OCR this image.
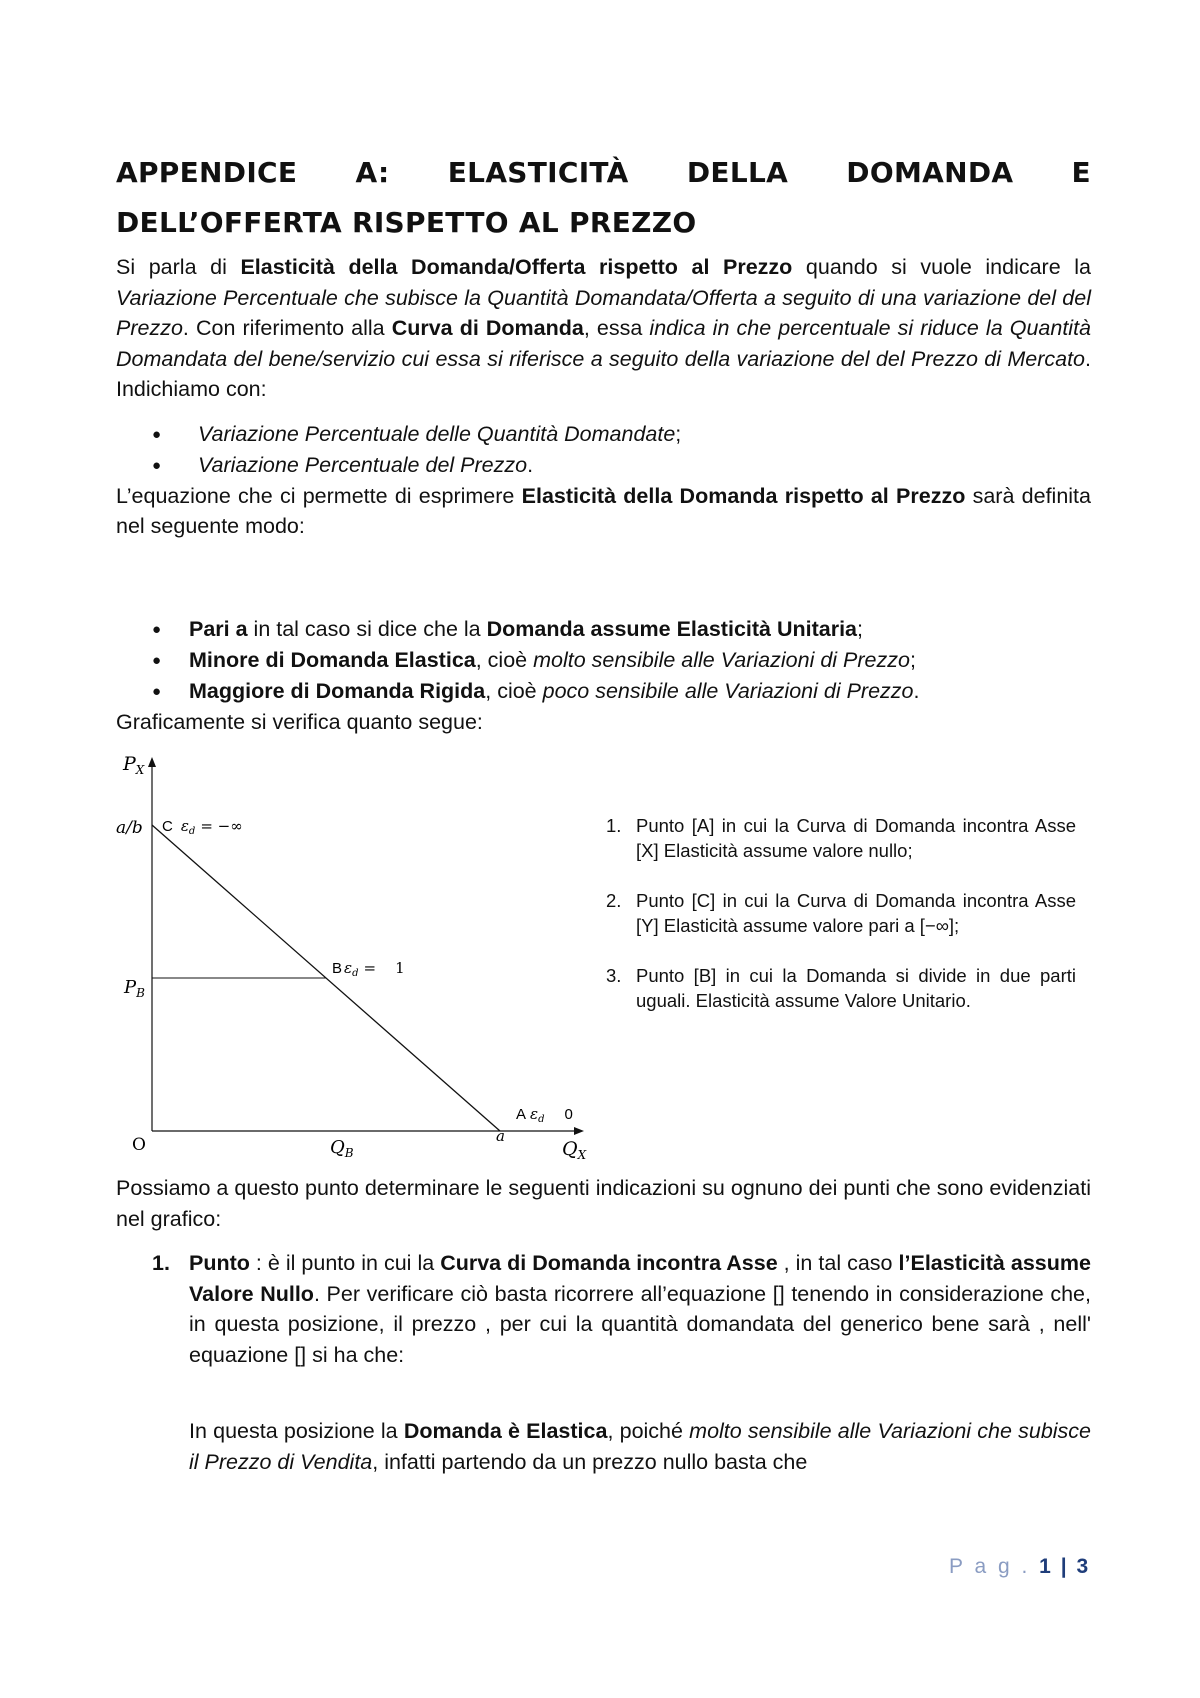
APPENDICE A: ELASTICITÀ DELLA DOMANDA E
DELL’OFFERTA RISPETTO AL PREZZO

Si parla di Elasticità della Domanda/Offerta rispetto al Prezzo quando si vuole indicare la Variazione Percentuale che subisce la Quantità Domandata/Offerta a seguito di una variazione del del Prezzo. Con riferimento alla Curva di Domanda, essa indica in che percentuale si riduce la Quantità Domandata del bene/servizio cui essa si riferisce a seguito della variazione del del Prezzo di Mercato. Indichiamo con:

● Variazione Percentuale delle Quantità Domandate;
● Variazione Percentuale del Prezzo.

L’equazione che ci permette di esprimere Elasticità della Domanda rispetto al Prezzo sarà definita nel seguente modo:

● Pari a in tal caso si dice che la Domanda assume Elasticità Unitaria;
● Minore di Domanda Elastica, cioè molto sensibile alle Variazioni di Prezzo;
● Maggiore di Domanda Rigida, cioè poco sensibile alle Variazioni di Prezzo.

Graficamente si verifica quanto segue:

$P_X$
$Q_X$
O
a/b
a
$P_B$
$Q_B$
C $\varepsilon_d$ = −∞
B $\varepsilon_d$ =    1
A $\varepsilon_d$ 0
1. Punto [A] in cui la Curva di Domanda incontra Asse [X] Elasticità assume valore nullo;
2. Punto [C] in cui la Curva di Domanda incontra Asse [Y] Elasticità assume valore pari a [−∞];
3. Punto [B] in cui la Domanda si divide in due parti uguali. Elasticità assume Valore Unitario.

Possiamo a questo punto determinare le seguenti indicazioni su ognuno dei punti che sono evidenziati nel grafico:

1. Punto : è il punto in cui la Curva di Domanda incontra Asse , in tal caso l’Elasticità assume Valore Nullo. Per verificare ciò basta ricorrere all’equazione [] tenendo in considerazione che, in questa posizione, il prezzo , per cui la quantità domandata del generico bene sarà , nell' equazione [] si ha che:

In questa posizione la Domanda è Elastica, poiché molto sensibile alle Variazioni che subisce il Prezzo di Vendita, infatti partendo da un prezzo nullo basta che

P a g . 1 | 3
